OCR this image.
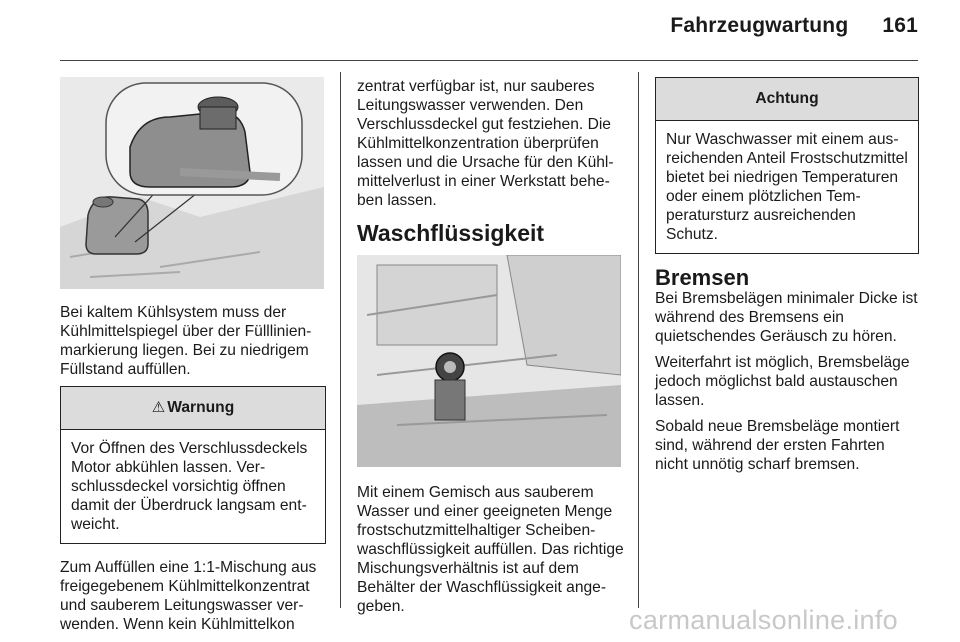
Fahrzeugwartung 161

Bei kaltem Kühlsystem muss der Kühlmittelspiegel über der Fülllinienmarkierung liegen. Bei zu niedrigem Füllstand auffüllen.

⚠ Warnung
Vor Öffnen des Verschlussdeckels Motor abkühlen lassen. Verschlussdeckel vorsichtig öffnen damit der Überdruck langsam entweicht.

Zum Auffüllen eine 1:1-Mischung aus freigegebenem Kühlmittelkonzentrat und sauberem Leitungswasser verwenden. Wenn kein Kühlmittelkon

zentrat verfügbar ist, nur sauberes Leitungswasser verwenden. Den Verschlussdeckel gut festziehen. Die Kühlmittelkonzentration überprüfen lassen und die Ursache für den Kühlmittelverlust in einer Werkstatt beheben lassen.

Waschflüssigkeit

Mit einem Gemisch aus sauberem Wasser und einer geeigneten Menge frostschutzmittelhaltiger Scheibenwaschflüssigkeit auffüllen. Das richtige Mischungsverhältnis ist auf dem Behälter der Waschflüssigkeit angegeben.

Achtung
Nur Waschwasser mit einem ausreichenden Anteil Frostschutzmittel bietet bei niedrigen Temperaturen oder einem plötzlichen Temperatursturz ausreichenden Schutz.
Bremsen

Bei Bremsbelägen minimaler Dicke ist während des Bremsens ein quietschendes Geräusch zu hören.

Weiterfahrt ist möglich, Bremsbeläge jedoch möglichst bald austauschen lassen.

Sobald neue Bremsbeläge montiert sind, während der ersten Fahrten nicht unnötig scharf bremsen.

carmanualsonline.info
